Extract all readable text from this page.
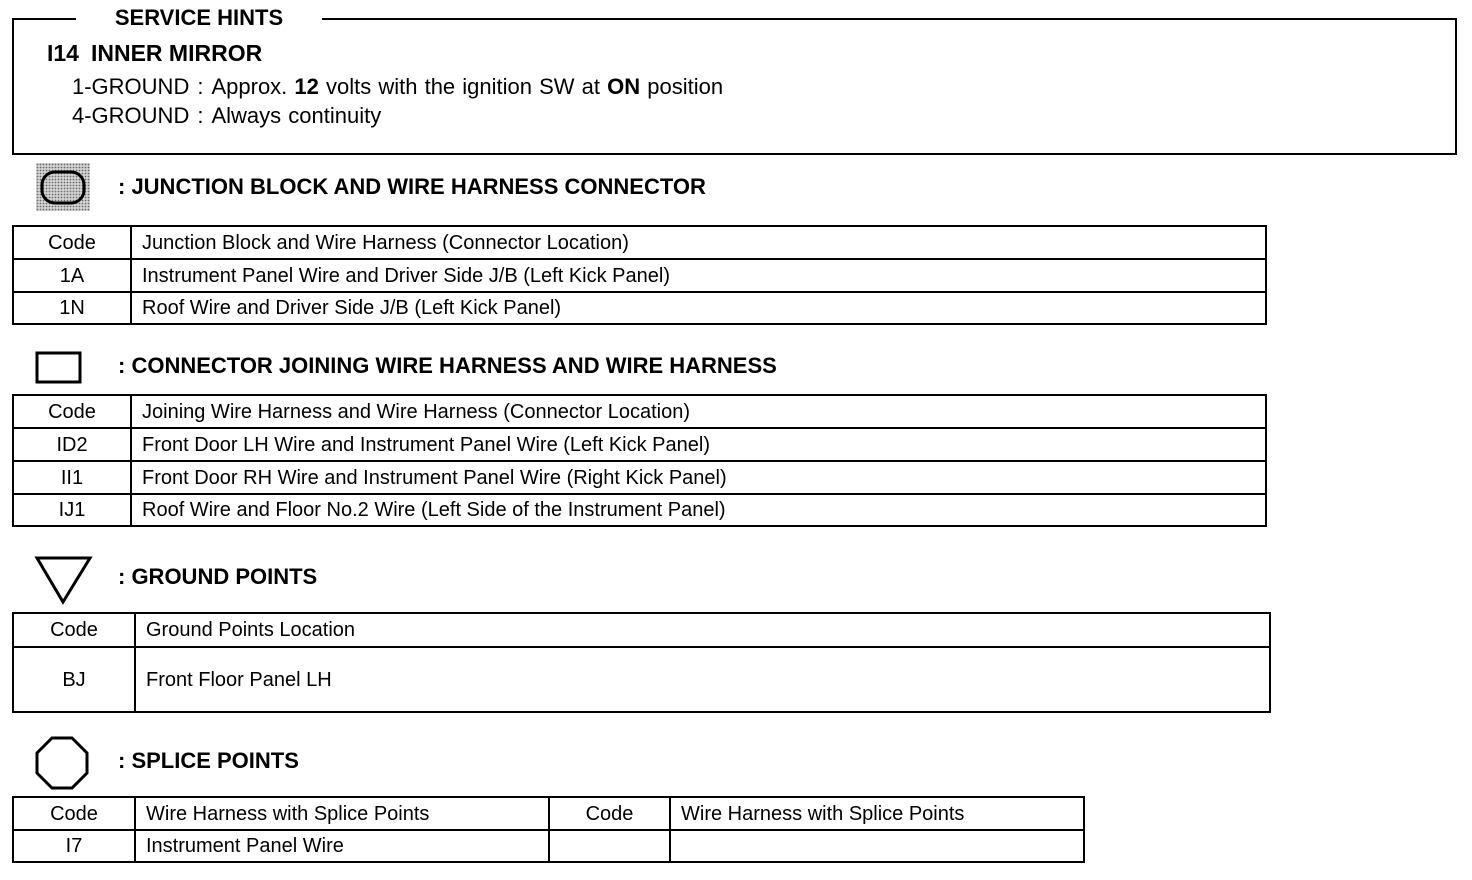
SERVICE HINTS
I14 INNER MIRROR
1-GROUND : Approx. 12 volts with the ignition SW at ON position
4-GROUND : Always continuity
: JUNCTION BLOCK AND WIRE HARNESS CONNECTOR
Code	Junction Block and Wire Harness (Connector Location)
1A	Instrument Panel Wire and Driver Side J/B (Left Kick Panel)
1N	Roof Wire and Driver Side J/B (Left Kick Panel)
: CONNECTOR JOINING WIRE HARNESS AND WIRE HARNESS
Code	Joining Wire Harness and Wire Harness (Connector Location)
ID2	Front Door LH Wire and Instrument Panel Wire (Left Kick Panel)
II1	Front Door RH Wire and Instrument Panel Wire (Right Kick Panel)
IJ1	Roof Wire and Floor No.2 Wire (Left Side of the Instrument Panel)
: GROUND POINTS
Code	Ground Points Location
BJ	Front Floor Panel LH
: SPLICE POINTS
Code	Wire Harness with Splice Points	Code	Wire Harness with Splice Points
I7	Instrument Panel Wire		
